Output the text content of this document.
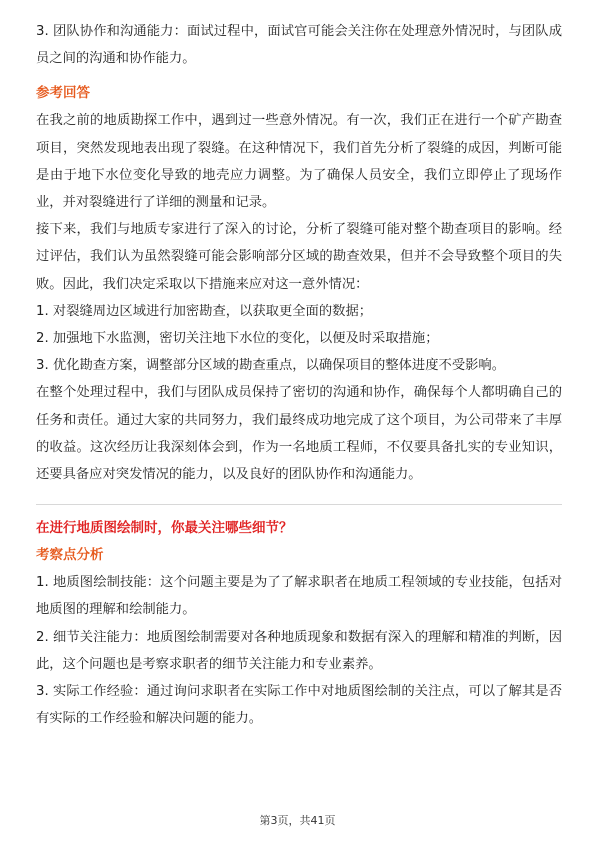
3. 团队协作和沟通能力：面试过程中，面试官可能会关注你在处理意外情况时，与团队成员之间的沟通和协作能力。

参考回答

在我之前的地质勘探工作中，遇到过一些意外情况。有一次，我们正在进行一个矿产勘查项目，突然发现地表出现了裂缝。在这种情况下，我们首先分析了裂缝的成因，判断可能是由于地下水位变化导致的地壳应力调整。为了确保人员安全，我们立即停止了现场作业，并对裂缝进行了详细的测量和记录。

接下来，我们与地质专家进行了深入的讨论，分析了裂缝可能对整个勘查项目的影响。经过评估，我们认为虽然裂缝可能会影响部分区域的勘查效果，但并不会导致整个项目的失败。因此，我们决定采取以下措施来应对这一意外情况：

1. 对裂缝周边区域进行加密勘查，以获取更全面的数据；

2. 加强地下水监测，密切关注地下水位的变化，以便及时采取措施；

3. 优化勘查方案，调整部分区域的勘查重点，以确保项目的整体进度不受影响。

在整个处理过程中，我们与团队成员保持了密切的沟通和协作，确保每个人都明确自己的任务和责任。通过大家的共同努力，我们最终成功地完成了这个项目，为公司带来了丰厚的收益。这次经历让我深刻体会到，作为一名地质工程师，不仅要具备扎实的专业知识，还要具备应对突发情况的能力，以及良好的团队协作和沟通能力。

在进行地质图绘制时，你最关注哪些细节？

考察点分析

1. 地质图绘制技能：这个问题主要是为了了解求职者在地质工程领域的专业技能，包括对地质图的理解和绘制能力。

2. 细节关注能力：地质图绘制需要对各种地质现象和数据有深入的理解和精准的判断，因此，这个问题也是考察求职者的细节关注能力和专业素养。

3. 实际工作经验：通过询问求职者在实际工作中对地质图绘制的关注点，可以了解其是否有实际的工作经验和解决问题的能力。

第3页，共41页
